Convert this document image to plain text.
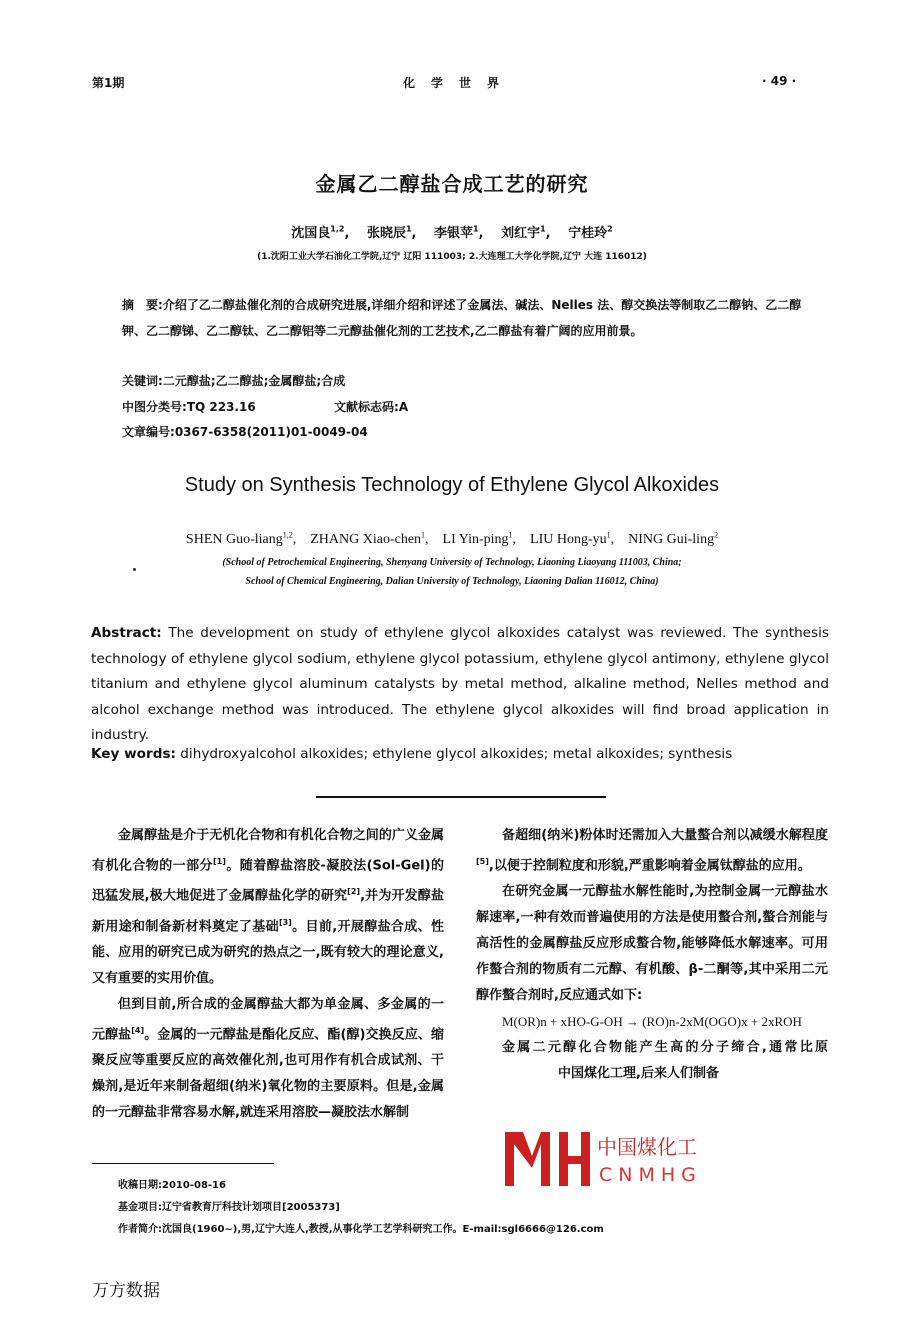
第1期	化　学　世　界	· 49 ·
金属乙二醇盐合成工艺的研究
沈国良$^{1,2}$,　 张晓辰$^1$,　 李银苹$^1$,　 刘红宇$^1$,　 宁桂玲$^2$
(1.沈阳工业大学石油化工学院,辽宁 辽阳 111003; 2.大连理工大学化学院,辽宁 大连 116012)
摘　要:介绍了乙二醇盐催化剂的合成研究进展,详细介绍和评述了金属法、碱法、Nelles 法、醇交换法等制取乙二醇钠、乙二醇钾、乙二醇锑、乙二醇钛、乙二醇铝等二元醇盐催化剂的工艺技术,乙二醇盐有着广阔的应用前景。
关键词:二元醇盐;乙二醇盐;金属醇盐;合成
中图分类号:TQ 223.16	文献标志码:A
文章编号:0367-6358(2011)01-0049-04
Study on Synthesis Technology of Ethylene Glycol Alkoxides
SHEN Guo-liang$^{1,2}$,　ZHANG Xiao-chen$^1$,　LI Yin-ping$^1$,　LIU Hong-$yu^1$,　NING Gui-ling$^2$
(School of Petrochemical Engineering, Shenyang University of Technology, Liaoning Liaoyang 111003, China;
School of Chemical Engineering, Dalian University of Technology, Liaoning Dalian 116012, China)
Abstract: The development on study of ethylene glycol alkoxides catalyst was reviewed. The synthesis technology of ethylene glycol sodium, ethylene glycol potassium, ethylene glycol antimony, ethylene glycol titanium and ethylene glycol aluminum catalysts by metal method, alkaline method, Nelles method and alcohol exchange method was introduced. The ethylene glycol alkoxides will find broad application in industry.
Key words: dihydroxyalcohol alkoxides; ethylene glycol alkoxides; metal alkoxides; synthesis

金属醇盐是介于无机化合物和有机化合物之间的广义金属有机化合物的一部分[1]。随着醇盐溶胶-凝胶法(Sol-Gel)的迅猛发展,极大地促进了金属醇盐化学的研究[2],并为开发醇盐新用途和制备新材料奠定了基础[3]。目前,开展醇盐合成、性能、应用的研究已成为研究的热点之一,既有较大的理论意义,又有重要的实用价值。

但到目前,所合成的金属醇盐大都为单金属、多金属的一元醇盐[4]。金属的一元醇盐是酯化反应、酯(醇)交换反应、缩聚反应等重要反应的高效催化剂,也可用作有机合成试剂、干燥剂,是近年来制备超细(纳米)氧化物的主要原料。但是,金属的一元醇盐非常容易水解,就连采用溶胶—凝胶法水解制

备超细(纳米)粉体时还需加入大量螯合剂以减缓水解程度[5],以便于控制粒度和形貌,严重影响着金属钛醇盐的应用。

在研究金属一元醇盐水解性能时,为控制金属一元醇盐水解速率,一种有效而普遍使用的方法是使用螯合剂,螯合剂能与高活性的金属醇盐反应形成螯合物,能够降低水解速率。可用作螯合剂的物质有二元醇、有机酸、β-二酮等,其中采用二元醇作螯合剂时,反应通式如下:

M(OR)n + xHO-G-OH → (RO)n-2xM(OGO)x + 2xROH

金属二元醇化合物能产生高的分子缔合,通常比原中国煤化工理,后来人们制备

中国煤化工
CNMHG
收稿日期:2010-08-16
基金项目:辽宁省教育厅科技计划项目[2005373]
作者简介:沈国良(1960~),男,辽宁大连人,教授,从事化学工艺学科研究工作。E-mail:sgl6666@126.com
万方数据
